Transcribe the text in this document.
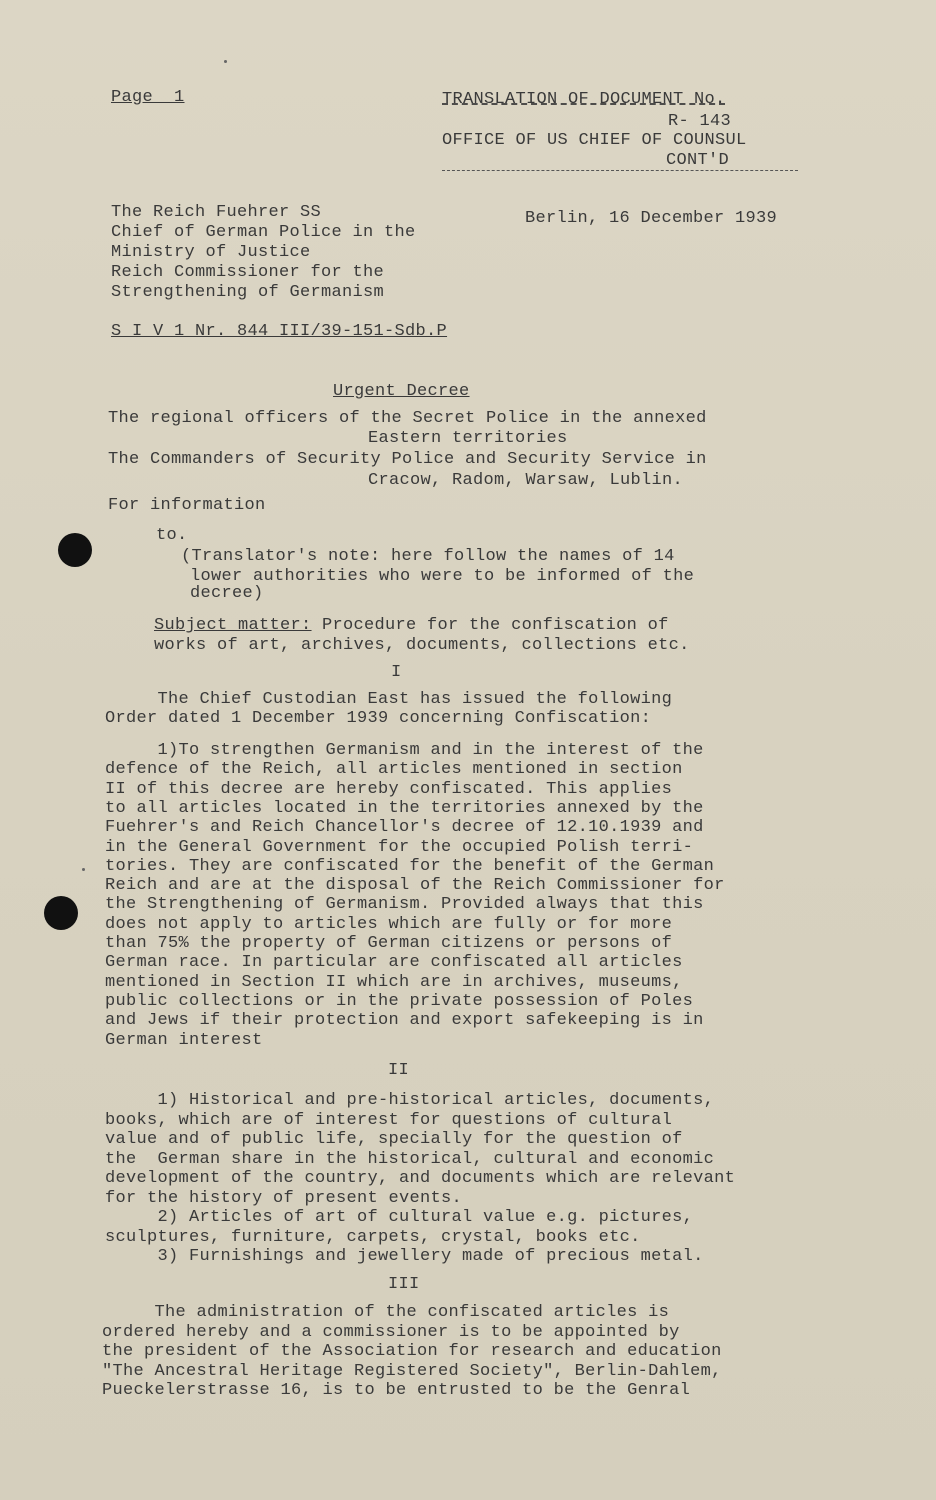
Page  1	TRANSLATION OF DOCUMENT No.
R- 143
OFFICE OF US CHIEF OF COUNSUL
CONT'D
The Reich Fuehrer SS
Chief of German Police in the
Ministry of Justice
Reich Commissioner for the
Strengthening of Germanism
Berlin, 16 December 1939
S I V 1 Nr. 844 III/39-151-Sdb.P
Urgent Decree
The regional officers of the Secret Police in the annexed
Eastern territories
The Commanders of Security Police and Security Service in
Cracow, Radom, Warsaw, Lublin.
For information
to.
(Translator's note: here follow the names of 14
lower authorities who were to be informed of the
decree)
Subject matter: Procedure for the confiscation of
works of art, archives, documents, collections etc.
I
The Chief Custodian East has issued the following
Order dated 1 December 1939 concerning Confiscation:
1)To strengthen Germanism and in the interest of the
defence of the Reich, all articles mentioned in section
II of this decree are hereby confiscated. This applies
to all articles located in the territories annexed by the
Fuehrer's and Reich Chancellor's decree of 12.10.1939 and
in the General Government for the occupied Polish terri-
tories. They are confiscated for the benefit of the German
Reich and are at the disposal of the Reich Commissioner for
the Strengthening of Germanism. Provided always that this
does not apply to articles which are fully or for more
than 75% the property of German citizens or persons of
German race. In particular are confiscated all articles
mentioned in Section II which are in archives, museums,
public collections or in the private possession of Poles
and Jews if their protection and export safekeeping is in
German interest
II
1) Historical and pre-historical articles, documents,
books, which are of interest for questions of cultural
value and of public life, specially for the question of
the  German share in the historical, cultural and economic
development of the country, and documents which are relevant
for the history of present events.
2) Articles of art of cultural value e.g. pictures,
sculptures, furniture, carpets, crystal, books etc.
3) Furnishings and jewellery made of precious metal.
III
The administration of the confiscated articles is
ordered hereby and a commissioner is to be appointed by
the president of the Association for research and education
"The Ancestral Heritage Registered Society", Berlin-Dahlem,
Pueckelerstrasse 16, is to be entrusted to be the Genral
